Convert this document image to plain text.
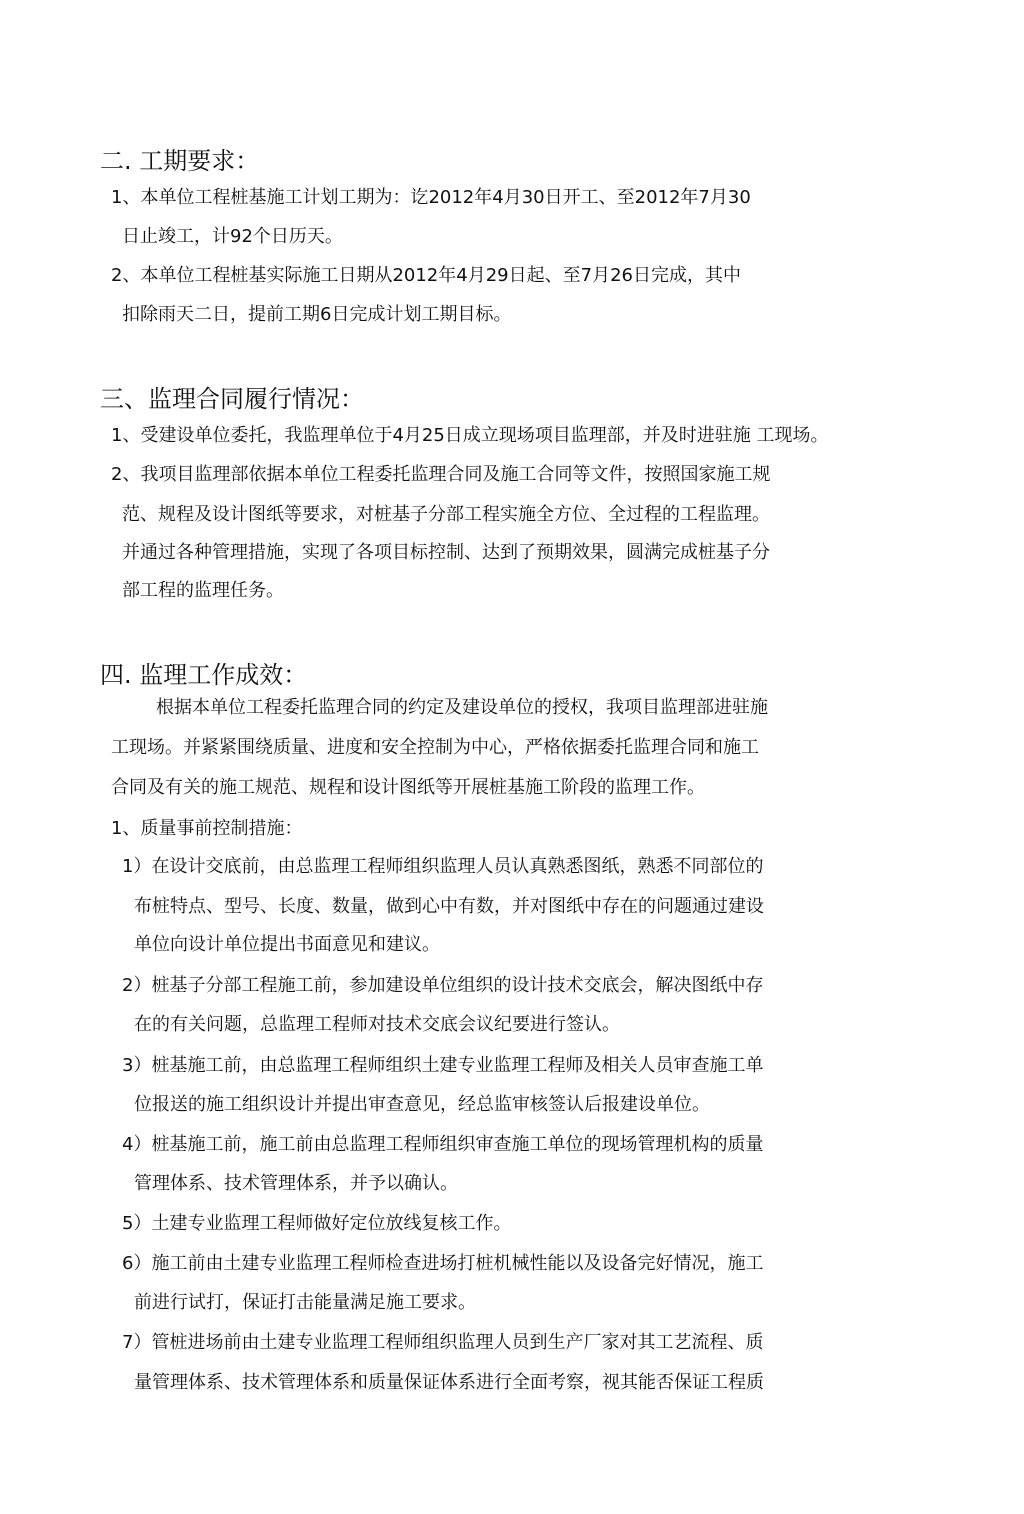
二. 工期要求：
1、本单位工程桩基施工计划工期为：讫2012年4月30日开工、至2012年7月30
日止竣工，计92个日历天。
2、本单位工程桩基实际施工日期从2012年4月29日起、至7月26日完成，其中
扣除雨天二日，提前工期6日完成计划工期目标。
三、监理合同履行情况：
1、受建设单位委托，我监理单位于4月25日成立现场项目监理部，并及时进驻施 工现场。
2、我项目监理部依据本单位工程委托监理合同及施工合同等文件，按照国家施工规
范、规程及设计图纸等要求，对桩基子分部工程实施全方位、全过程的工程监理。
并通过各种管理措施，实现了各项目标控制、达到了预期效果，圆满完成桩基子分
部工程的监理任务。
四. 监理工作成效：
根据本单位工程委托监理合同的约定及建设单位的授权，我项目监理部进驻施
工现场。并紧紧围绕质量、进度和安全控制为中心，严格依据委托监理合同和施工
合同及有关的施工规范、规程和设计图纸等开展桩基施工阶段的监理工作。
1、质量事前控制措施：
1）在设计交底前，由总监理工程师组织监理人员认真熟悉图纸，熟悉不同部位的
布桩特点、型号、长度、数量，做到心中有数，并对图纸中存在的问题通过建设
单位向设计单位提出书面意见和建议。
2）桩基子分部工程施工前，参加建设单位组织的设计技术交底会，解决图纸中存
在的有关问题，总监理工程师对技术交底会议纪要进行签认。
3）桩基施工前，由总监理工程师组织土建专业监理工程师及相关人员审查施工单
位报送的施工组织设计并提出审查意见，经总监审核签认后报建设单位。
4）桩基施工前，施工前由总监理工程师组织审查施工单位的现场管理机构的质量
管理体系、技术管理体系，并予以确认。
5）土建专业监理工程师做好定位放线复核工作。
6）施工前由土建专业监理工程师检查进场打桩机械性能以及设备完好情况，施工
前进行试打，保证打击能量满足施工要求。
7）管桩进场前由土建专业监理工程师组织监理人员到生产厂家对其工艺流程、质
量管理体系、技术管理体系和质量保证体系进行全面考察，视其能否保证工程质
